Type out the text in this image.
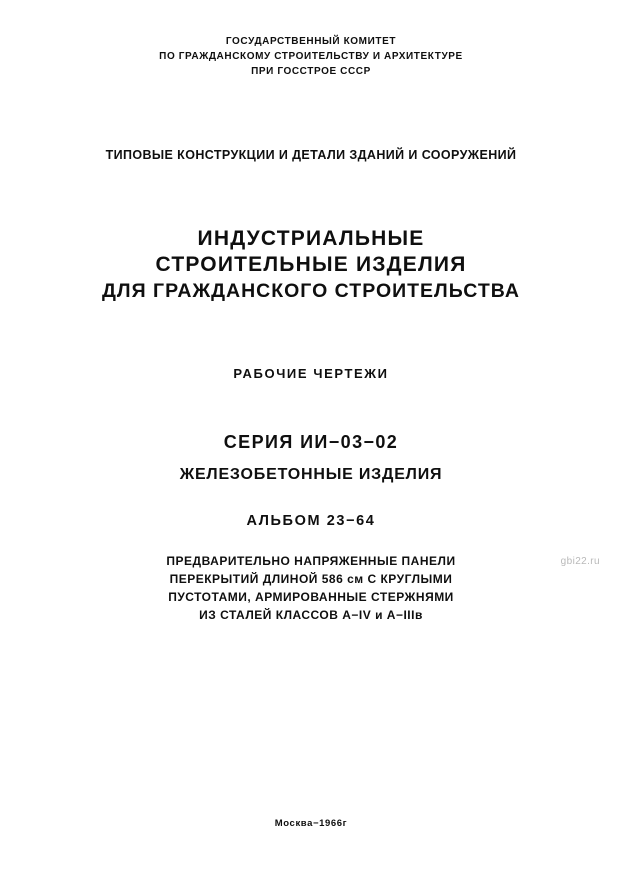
ГОСУДАРСТВЕННЫЙ КОМИТЕТ
ПО ГРАЖДАНСКОМУ СТРОИТЕЛЬСТВУ И АРХИТЕКТУРЕ
ПРИ ГОССТРОЕ СССР
ТИПОВЫЕ КОНСТРУКЦИИ И ДЕТАЛИ ЗДАНИЙ И СООРУЖЕНИЙ
ИНДУСТРИАЛЬНЫЕ
СТРОИТЕЛЬНЫЕ ИЗДЕЛИЯ
ДЛЯ ГРАЖДАНСКОГО СТРОИТЕЛЬСТВА
РАБОЧИЕ ЧЕРТЕЖИ
СЕРИЯ ИИ−03−02
ЖЕЛЕЗОБЕТОННЫЕ ИЗДЕЛИЯ
АЛЬБОМ 23−64
ПРЕДВАРИТЕЛЬНО НАПРЯЖЕННЫЕ ПАНЕЛИ
ПЕРЕКРЫТИЙ ДЛИНОЙ 586 см С КРУГЛЫМИ
ПУСТОТАМИ, АРМИРОВАННЫЕ СТЕРЖНЯМИ
ИЗ СТАЛЕЙ КЛАССОВ А−IV и А−IIIв
gbi22.ru
Москва−1966г
